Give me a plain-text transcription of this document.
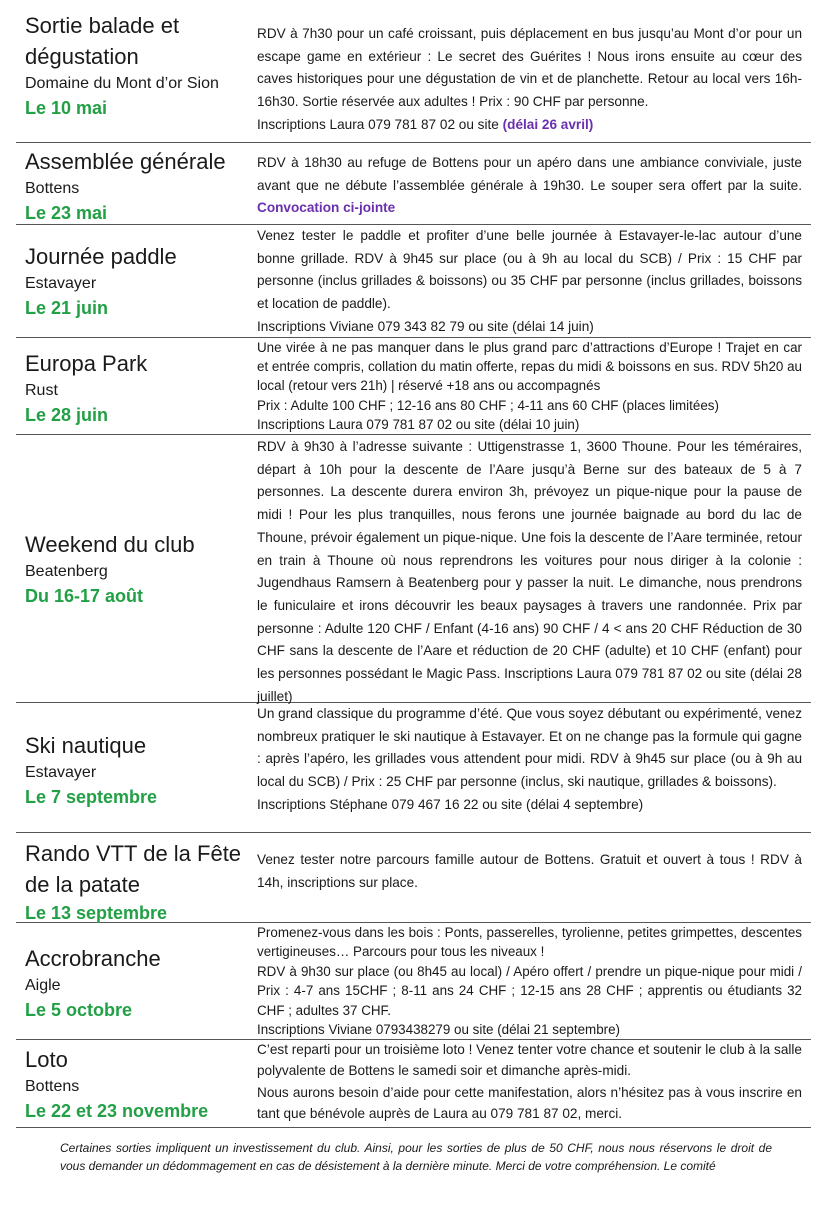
Sortie balade et dégustation
Domaine du Mont d’or Sion
Le 10 mai

RDV à 7h30 pour un café croissant, puis déplacement en bus jusqu’au Mont d’or pour un escape game en extérieur : Le secret des Guérites ! Nous irons ensuite au cœur des caves historiques pour une dégustation de vin et de planchette. Retour au local vers 16h-16h30. Sortie réservée aux adultes ! Prix : 90 CHF par personne.

Inscriptions Laura 079 781 87 02 ou site (délai 26 avril)

Assemblée générale
Bottens
Le 23 mai

RDV à 18h30 au refuge de Bottens pour un apéro dans une ambiance conviviale, juste avant que ne débute l’assemblée générale à 19h30. Le souper sera offert par la suite. Convocation ci-jointe

Journée paddle
Estavayer
Le 21 juin

Venez tester le paddle et profiter d’une belle journée à Estavayer-le-lac autour d’une bonne grillade. RDV à 9h45 sur place (ou à 9h au local du SCB) / Prix : 15 CHF par personne (inclus grillades & boissons) ou 35 CHF par personne (inclus grillades, boissons et location de paddle).

Inscriptions Viviane 079 343 82 79 ou site (délai 14 juin)

Europa Park
Rust
Le 28 juin

Une virée à ne pas manquer dans le plus grand parc d’attractions d’Europe ! Trajet en car et entrée compris, collation du matin offerte, repas du midi & boissons en sus. RDV 5h20 au local (retour vers 21h) | réservé +18 ans ou accompagnés

Prix : Adulte 100 CHF ; 12-16 ans 80 CHF ; 4-11 ans 60 CHF (places limitées)

Inscriptions Laura 079 781 87 02 ou site (délai 10 juin)

Weekend du club
Beatenberg
Du 16-17 août

RDV à 9h30 à l’adresse suivante : Uttigenstrasse 1, 3600 Thoune. Pour les téméraires, départ à 10h pour la descente de l’Aare jusqu’à Berne sur des bateaux de 5 à 7 personnes. La descente durera environ 3h, prévoyez un pique-nique pour la pause de midi ! Pour les plus tranquilles, nous ferons une journée baignade au bord du lac de Thoune, prévoir également un pique-nique. Une fois la descente de l’Aare terminée, retour en train à Thoune où nous reprendrons les voitures pour nous diriger à la colonie : Jugendhaus Ramsern à Beatenberg pour y passer la nuit. Le dimanche, nous prendrons le funiculaire et irons découvrir les beaux paysages à travers une randonnée. Prix par personne : Adulte 120 CHF / Enfant (4-16 ans) 90 CHF / 4 < ans 20 CHF Réduction de 30 CHF sans la descente de l’Aare et réduction de 20 CHF (adulte) et 10 CHF (enfant) pour les personnes possédant le Magic Pass. Inscriptions Laura 079 781 87 02 ou site (délai 28 juillet)

Ski nautique
Estavayer
Le 7 septembre

Un grand classique du programme d’été. Que vous soyez débutant ou expérimenté, venez nombreux pratiquer le ski nautique à Estavayer. Et on ne change pas la formule qui gagne : après l’apéro, les grillades vous attendent pour midi. RDV à 9h45 sur place (ou à 9h au local du SCB) / Prix : 25 CHF par personne (inclus, ski nautique, grillades & boissons).

Inscriptions Stéphane 079 467 16 22 ou site (délai 4 septembre)

Rando VTT de la Fête de la patate
Le 13 septembre

Venez tester notre parcours famille autour de Bottens. Gratuit et ouvert à tous ! RDV à 14h, inscriptions sur place.

Accrobranche
Aigle
Le 5 octobre

Promenez-vous dans les bois : Ponts, passerelles, tyrolienne, petites grimpettes, descentes vertigineuses… Parcours pour tous les niveaux !

RDV à 9h30 sur place (ou 8h45 au local) / Apéro offert / prendre un pique-nique pour midi / Prix : 4-7 ans 15CHF ; 8-11 ans 24 CHF ; 12-15 ans 28 CHF ; apprentis ou étudiants 32 CHF ; adultes 37 CHF.

Inscriptions Viviane 0793438279 ou site (délai 21 septembre)

Loto
Bottens
Le 22 et 23 novembre

C’est reparti pour un troisième loto ! Venez tenter votre chance et soutenir le club à la salle polyvalente de Bottens le samedi soir et dimanche après-midi.

Nous aurons besoin d’aide pour cette manifestation, alors n’hésitez pas à vous inscrire en tant que bénévole auprès de Laura au 079 781 87 02, merci.

Certaines sorties impliquent un investissement du club. Ainsi, pour les sorties de plus de 50 CHF, nous nous réservons le droit de vous demander un dédommagement en cas de désistement à la dernière minute. Merci de votre compréhension. Le comité
